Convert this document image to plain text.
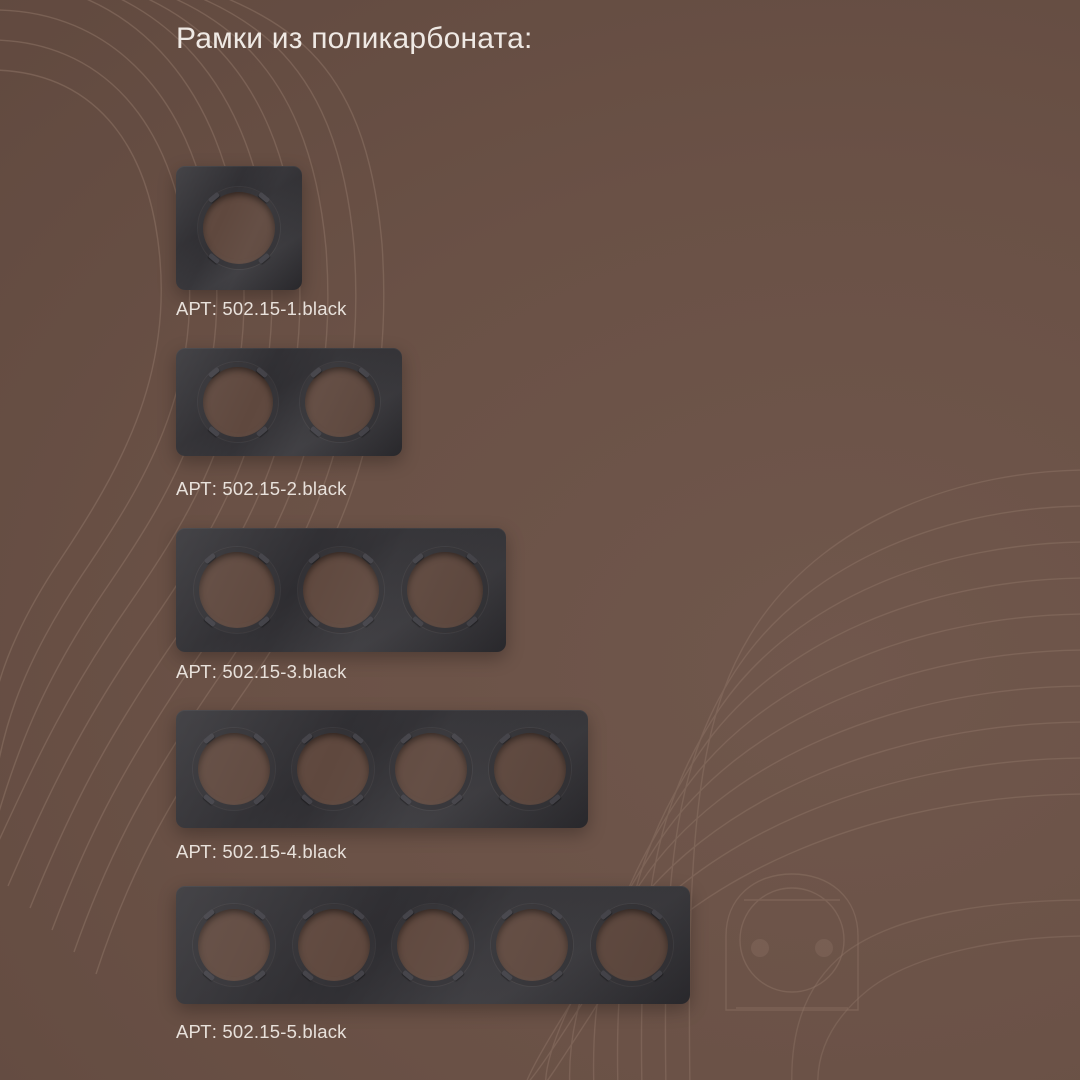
Рамки из поликарбоната:
АРТ: 502.15-1.black
АРТ: 502.15-2.black
АРТ: 502.15-3.black
АРТ: 502.15-4.black
АРТ: 502.15-5.black
